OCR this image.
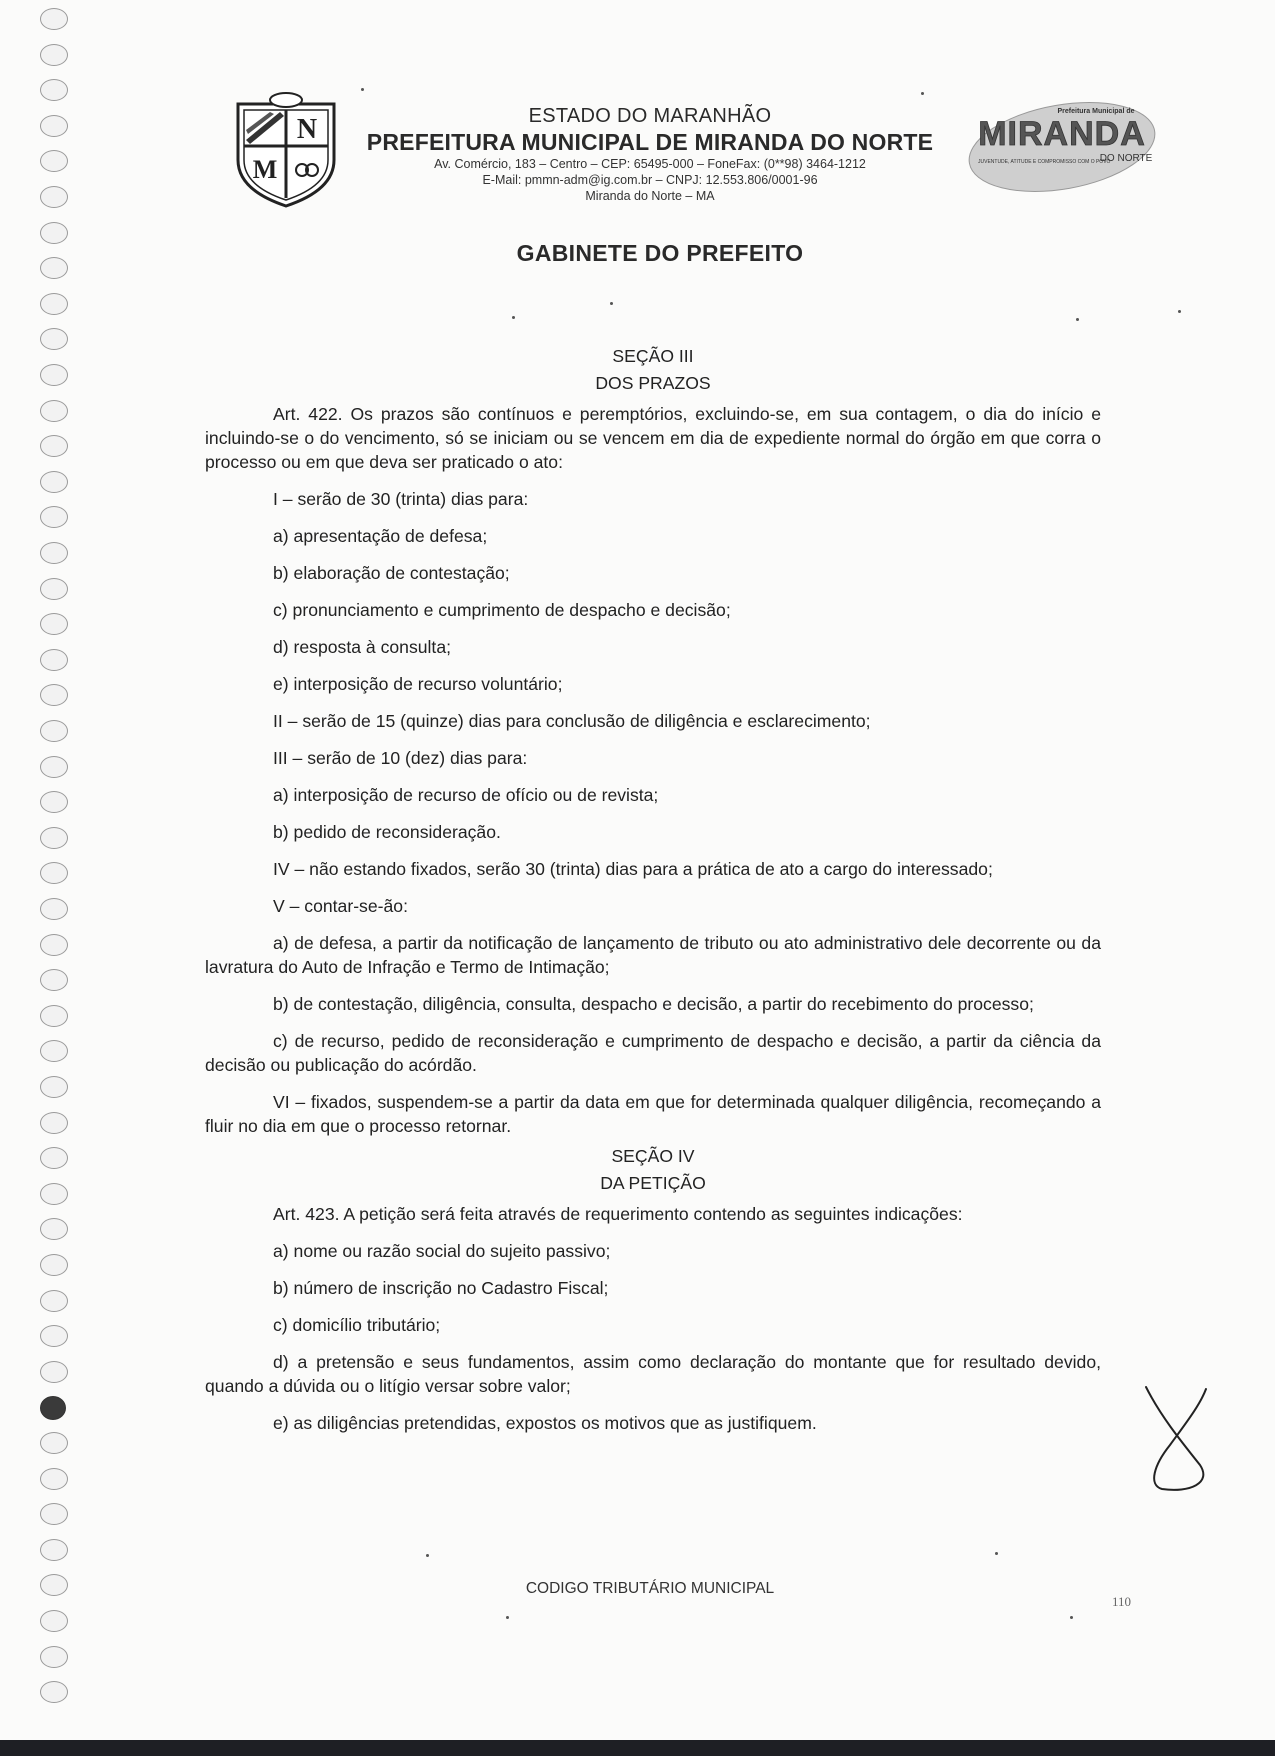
N
M
ESTADO DO MARANHÃO
PREFEITURA MUNICIPAL DE MIRANDA DO NORTE
Av. Comércio, 183 – Centro – CEP: 65495-000 – FoneFax: (0**98) 3464-1212
E-Mail: pmmn-adm@ig.com.br – CNPJ: 12.553.806/0001-96
Miranda do Norte – MA
Prefeitura Municipal de
MIRANDA
DO NORTE
JUVENTUDE, ATITUDE E COMPROMISSO COM O POVO
GABINETE DO PREFEITO

SEÇÃO III

DOS PRAZOS

Art. 422. Os prazos são contínuos e peremptórios, excluindo-se, em sua contagem, o dia do início e incluindo-se o do vencimento, só se iniciam ou se vencem em dia de expediente normal do órgão em que corra o processo ou em que deva ser praticado o ato:

I – serão de 30 (trinta) dias para:
a) apresentação de defesa;
b) elaboração de contestação;
c) pronunciamento e cumprimento de despacho e decisão;
d) resposta à consulta;
e) interposição de recurso voluntário;
II – serão de 15 (quinze) dias para conclusão de diligência e esclarecimento;
III – serão de 10 (dez) dias para:
a) interposição de recurso de ofício ou de revista;
b) pedido de reconsideração.
IV – não estando fixados, serão 30 (trinta) dias para a prática de ato a cargo do interessado;
V – contar-se-ão:

a) de defesa, a partir da notificação de lançamento de tributo ou ato administrativo dele decorrente ou da lavratura do Auto de Infração e Termo de Intimação;

b) de contestação, diligência, consulta, despacho e decisão, a partir do recebimento do processo;

c) de recurso, pedido de reconsideração e cumprimento de despacho e decisão, a partir da ciência da decisão ou publicação do acórdão.

VI – fixados, suspendem-se a partir da data em que for determinada qualquer diligência, recomeçando a fluir no dia em que o processo retornar.

SEÇÃO IV

DA PETIÇÃO

Art. 423. A petição será feita através de requerimento contendo as seguintes indicações:

a) nome ou razão social do sujeito passivo;
b) número de inscrição no Cadastro Fiscal;
c) domicílio tributário;

d) a pretensão e seus fundamentos, assim como declaração do montante que for resultado devido, quando a dúvida ou o litígio versar sobre valor;

e) as diligências pretendidas, expostos os motivos que as justifiquem.

CODIGO TRIBUTÁRIO MUNICIPAL
110
